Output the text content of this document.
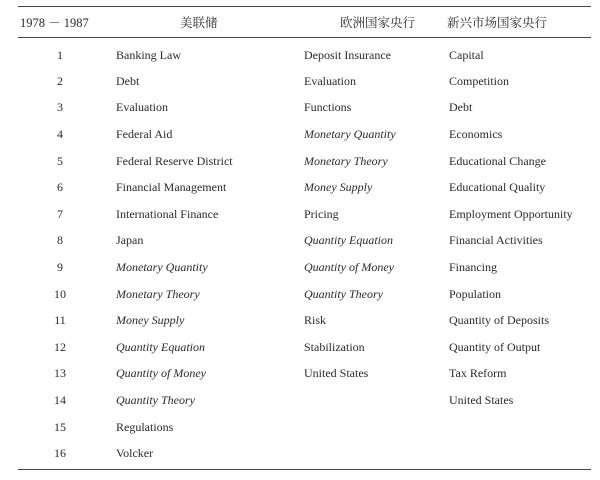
1978 － 1987	美联储	欧洲国家央行	新兴市场国家央行
1	Banking Law	Deposit Insurance	Capital
2	Debt	Evaluation	Competition
3	Evaluation	Functions	Debt
4	Federal Aid	Monetary Quantity	Economics
5	Federal Reserve District	Monetary Theory	Educational Change
6	Financial Management	Money Supply	Educational Quality
7	International Finance	Pricing	Employment Opportunity
8	Japan	Quantity Equation	Financial Activities
9	Monetary Quantity	Quantity of Money	Financing
10	Monetary Theory	Quantity Theory	Population
11	Money Supply	Risk	Quantity of Deposits
12	Quantity Equation	Stabilization	Quantity of Output
13	Quantity of Money	United States	Tax Reform
14	Quantity Theory		United States
15	Regulations		
16	Volcker		
